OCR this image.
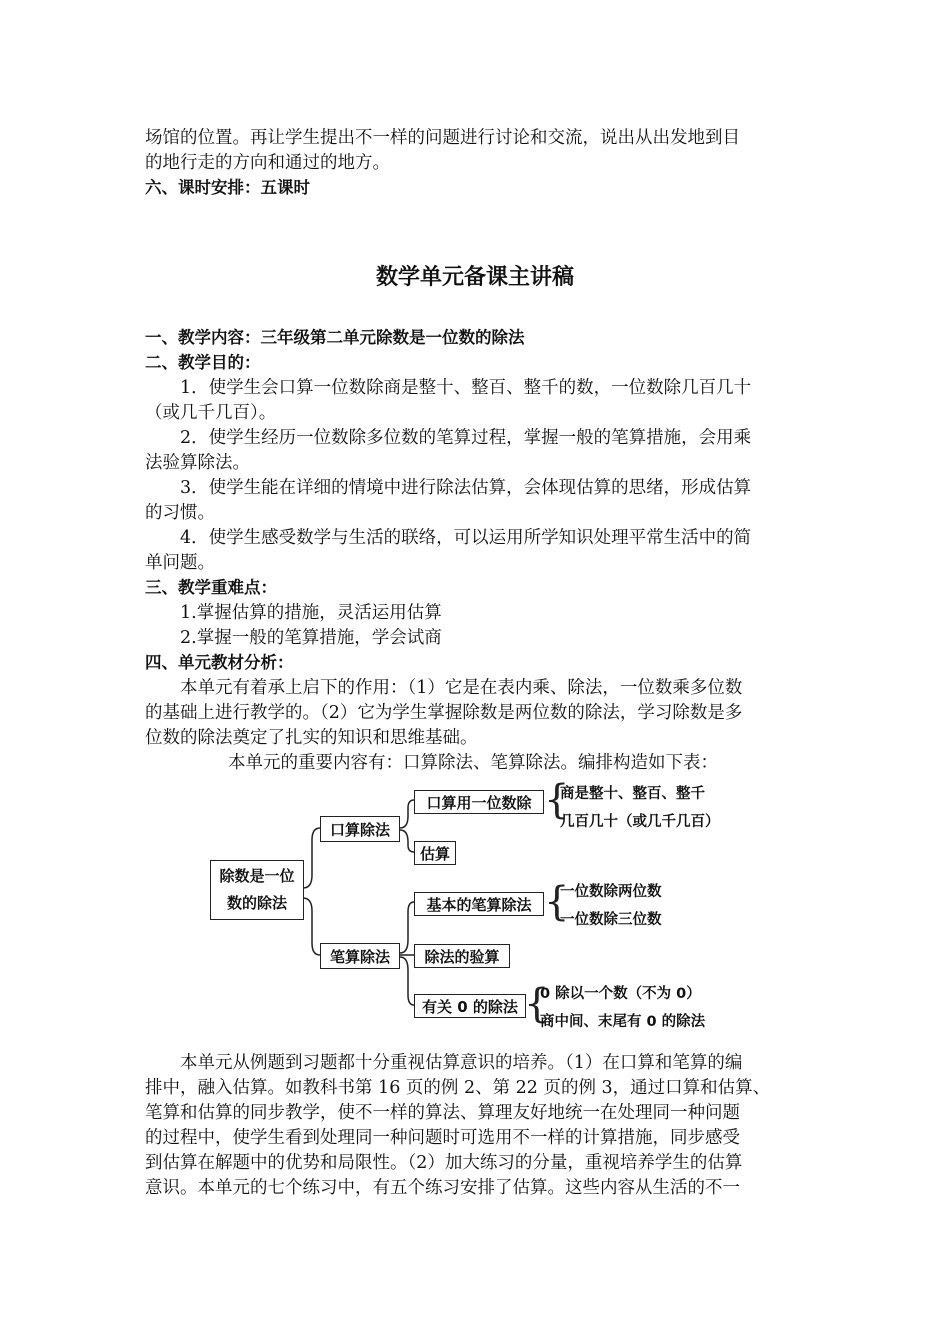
场馆的位置。再让学生提出不一样的问题进行讨论和交流，说出从出发地到目
的地行走的方向和通过的地方。
六、课时安排：五课时
数学单元备课主讲稿
一、教学内容：三年级第二单元除数是一位数的除法
二、教学目的：
1．使学生会口算一位数除商是整十、整百、整千的数，一位数除几百几十
（或几千几百）。
2．使学生经历一位数除多位数的笔算过程，掌握一般的笔算措施，会用乘
法验算除法。
3．使学生能在详细的情境中进行除法估算，会体现估算的思绪，形成估算
的习惯。
4．使学生感受数学与生活的联络，可以运用所学知识处理平常生活中的简
单问题。
三、教学重难点：
1.掌握估算的措施，灵活运用估算
2.掌握一般的笔算措施，学会试商
四、单元教材分析：
本单元有着承上启下的作用：（1）它是在表内乘、除法，一位数乘多位数
的基础上进行教学的。（2）它为学生掌握除数是两位数的除法，学习除数是多
位数的除法奠定了扎实的知识和思维基础。
本单元的重要内容有：口算除法、笔算除法。编排构造如下表：
除数是一位
数的除法
口算除法
笔算除法
口算用一位数除 {
商是整十、整百、整千
几百几十（或几千几百）
估算
基本的笔算除法 {
一位数除两位数
一位数除三位数
除法的验算
有关 0 的除法 {
0 除以一个数（不为 0）
商中间、末尾有 0 的除法
本单元从例题到习题都十分重视估算意识的培养。（1）在口算和笔算的编
排中，融入估算。如教科书第 16 页的例 2、第 22 页的例 3，通过口算和估算、
笔算和估算的同步教学，使不一样的算法、算理友好地统一在处理同一种问题
的过程中，使学生看到处理同一种问题时可选用不一样的计算措施，同步感受
到估算在解题中的优势和局限性。（2）加大练习的分量，重视培养学生的估算
意识。本单元的七个练习中，有五个练习安排了估算。这些内容从生活的不一
